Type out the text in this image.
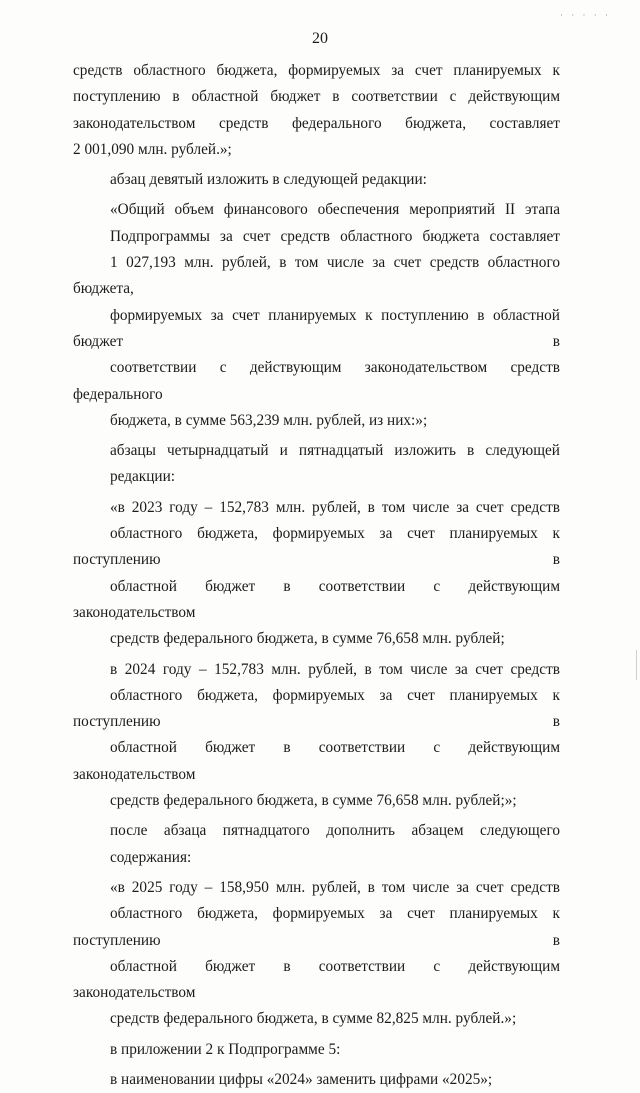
· · · · ·
20

средств областного бюджета, формируемых за счет планируемых к
поступлению в областной бюджет в соответствии с действующим
законодательством средств федерального бюджета, составляет
2 001,090 млн. рублей.»;

абзац девятый изложить в следующей редакции:

«Общий объем финансового обеспечения мероприятий II этапа
Подпрограммы за счет средств областного бюджета составляет
1 027,193 млн. рублей, в том числе за счет средств областного бюджета,
формируемых за счет планируемых к поступлению в областной бюджет в
соответствии с действующим законодательством средств федерального
бюджета, в сумме 563,239 млн. рублей, из них:»;

абзацы четырнадцатый и пятнадцатый изложить в следующей
редакции:

«в 2023 году – 152,783 млн. рублей, в том числе за счет средств
областного бюджета, формируемых за счет планируемых к поступлению в
областной бюджет в соответствии с действующим законодательством
средств федерального бюджета, в сумме 76,658 млн. рублей;

в 2024 году – 152,783 млн. рублей, в том числе за счет средств
областного бюджета, формируемых за счет планируемых к поступлению в
областной бюджет в соответствии с действующим законодательством
средств федерального бюджета, в сумме 76,658 млн. рублей;»;

после абзаца пятнадцатого дополнить абзацем следующего
содержания:

«в 2025 году – 158,950 млн. рублей, в том числе за счет средств
областного бюджета, формируемых за счет планируемых к поступлению в
областной бюджет в соответствии с действующим законодательством
средств федерального бюджета, в сумме 82,825 млн. рублей.»;

в приложении 2 к Подпрограмме 5:

в наименовании цифры «2024» заменить цифрами «2025»;
